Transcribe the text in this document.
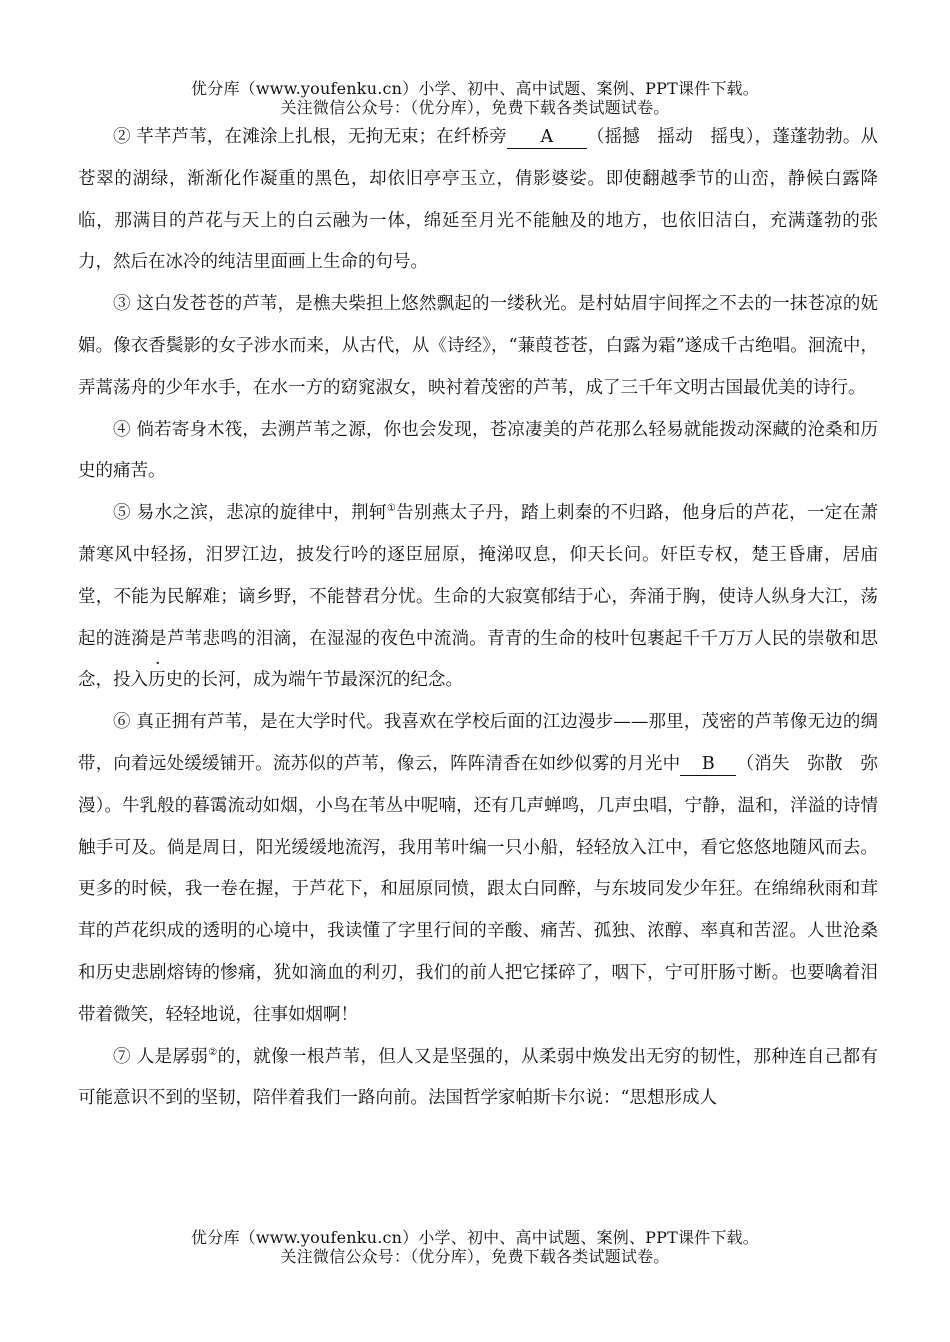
优分库（www.youfenku.cn）小学、初中、高中试题、案例、PPT课件下载。
关注微信公众号：（优分库），免费下载各类试题试卷。

② 芊芊芦苇，在滩涂上扎根，无拘无束；在纤桥旁 A （摇撼　摇动　摇曳），蓬蓬勃勃。从苍翠的湖绿，渐渐化作凝重的黑色，却依旧亭亭玉立，倩影婆娑。即使翻越季节的山峦，静候白露降临，那满目的芦花与天上的白云融为一体，绵延至月光不能触及的地方，也依旧洁白，充满蓬勃的张力，然后在冰冷的纯洁里面画上生命的句号。

③ 这白发苍苍的芦苇，是樵夫柴担上悠然飘起的一缕秋光。是村姑眉宇间挥之不去的一抹苍凉的妩媚。像衣香鬓影的女子涉水而来，从古代，从《诗经》，“蒹葭苍苍，白露为霜”遂成千古绝唱。洄流中，弄蒿荡舟的少年水手，在水一方的窈窕淑女，映衬着茂密的芦苇，成了三千年文明古国最优美的诗行。

④ 倘若寄身木筏，去溯芦苇之源，你也会发现，苍凉凄美的芦花那么轻易就能拨动深藏的沧桑和历史的痛苦。

⑤ 易水之滨，悲凉的旋律中，荆轲①告别燕太子丹，踏上刺秦的不归路，他身后的芦花，一定在萧萧寒风中轻扬，汨罗江边，披发行吟的逐臣屈原，掩涕叹息，仰天长问。奸臣专权，楚王昏庸，居庙堂，不能为民解难；谪乡野，不能替君分忧。生命的大寂寞郁结于心，奔涌于胸，使诗人纵身大江，荡起的涟漪是芦苇悲鸣的泪滴，在湿湿的夜色中流淌。青青的生命的枝叶包裹起千千万万人民的崇敬和思念，投入历史的长河，成为端午节最深沉的纪念。

⑥ 真正拥有芦苇，是在大学时代。我喜欢在学校后面的江边漫步——那里，茂密的芦苇像无边的绸带，向着远处缓缓铺开。流苏似的芦苇，像云，阵阵清香在如纱似雾的月光中 B （消失　弥散　弥漫）。牛乳般的暮霭流动如烟，小鸟在苇丛中呢喃，还有几声蝉鸣，几声虫唱，宁静，温和，洋溢的诗情触手可及。倘是周日，阳光缓缓地流泻，我用苇叶编一只小船，轻轻放入江中，看它悠悠地随风而去。更多的时候，我一卷在握，于芦花下，和屈原同愤，跟太白同醉，与东坡同发少年狂。在绵绵秋雨和茸茸的芦花织成的透明的心境中，我读懂了字里行间的辛酸、痛苦、孤独、浓醇、率真和苦涩。人世沧桑和历史悲剧熔铸的惨痛，犹如滴血的利刃，我们的前人把它揉碎了，咽下，宁可肝肠寸断。也要噙着泪带着微笑，轻轻地说，往事如烟啊！

⑦ 人是孱弱②的，就像一根芦苇，但人又是坚强的，从柔弱中焕发出无穷的韧性，那种连自己都有可能意识不到的坚韧，陪伴着我们一路向前。法国哲学家帕斯卡尔说：“思想形成人

优分库（www.youfenku.cn）小学、初中、高中试题、案例、PPT课件下载。
关注微信公众号：（优分库），免费下载各类试题试卷。
